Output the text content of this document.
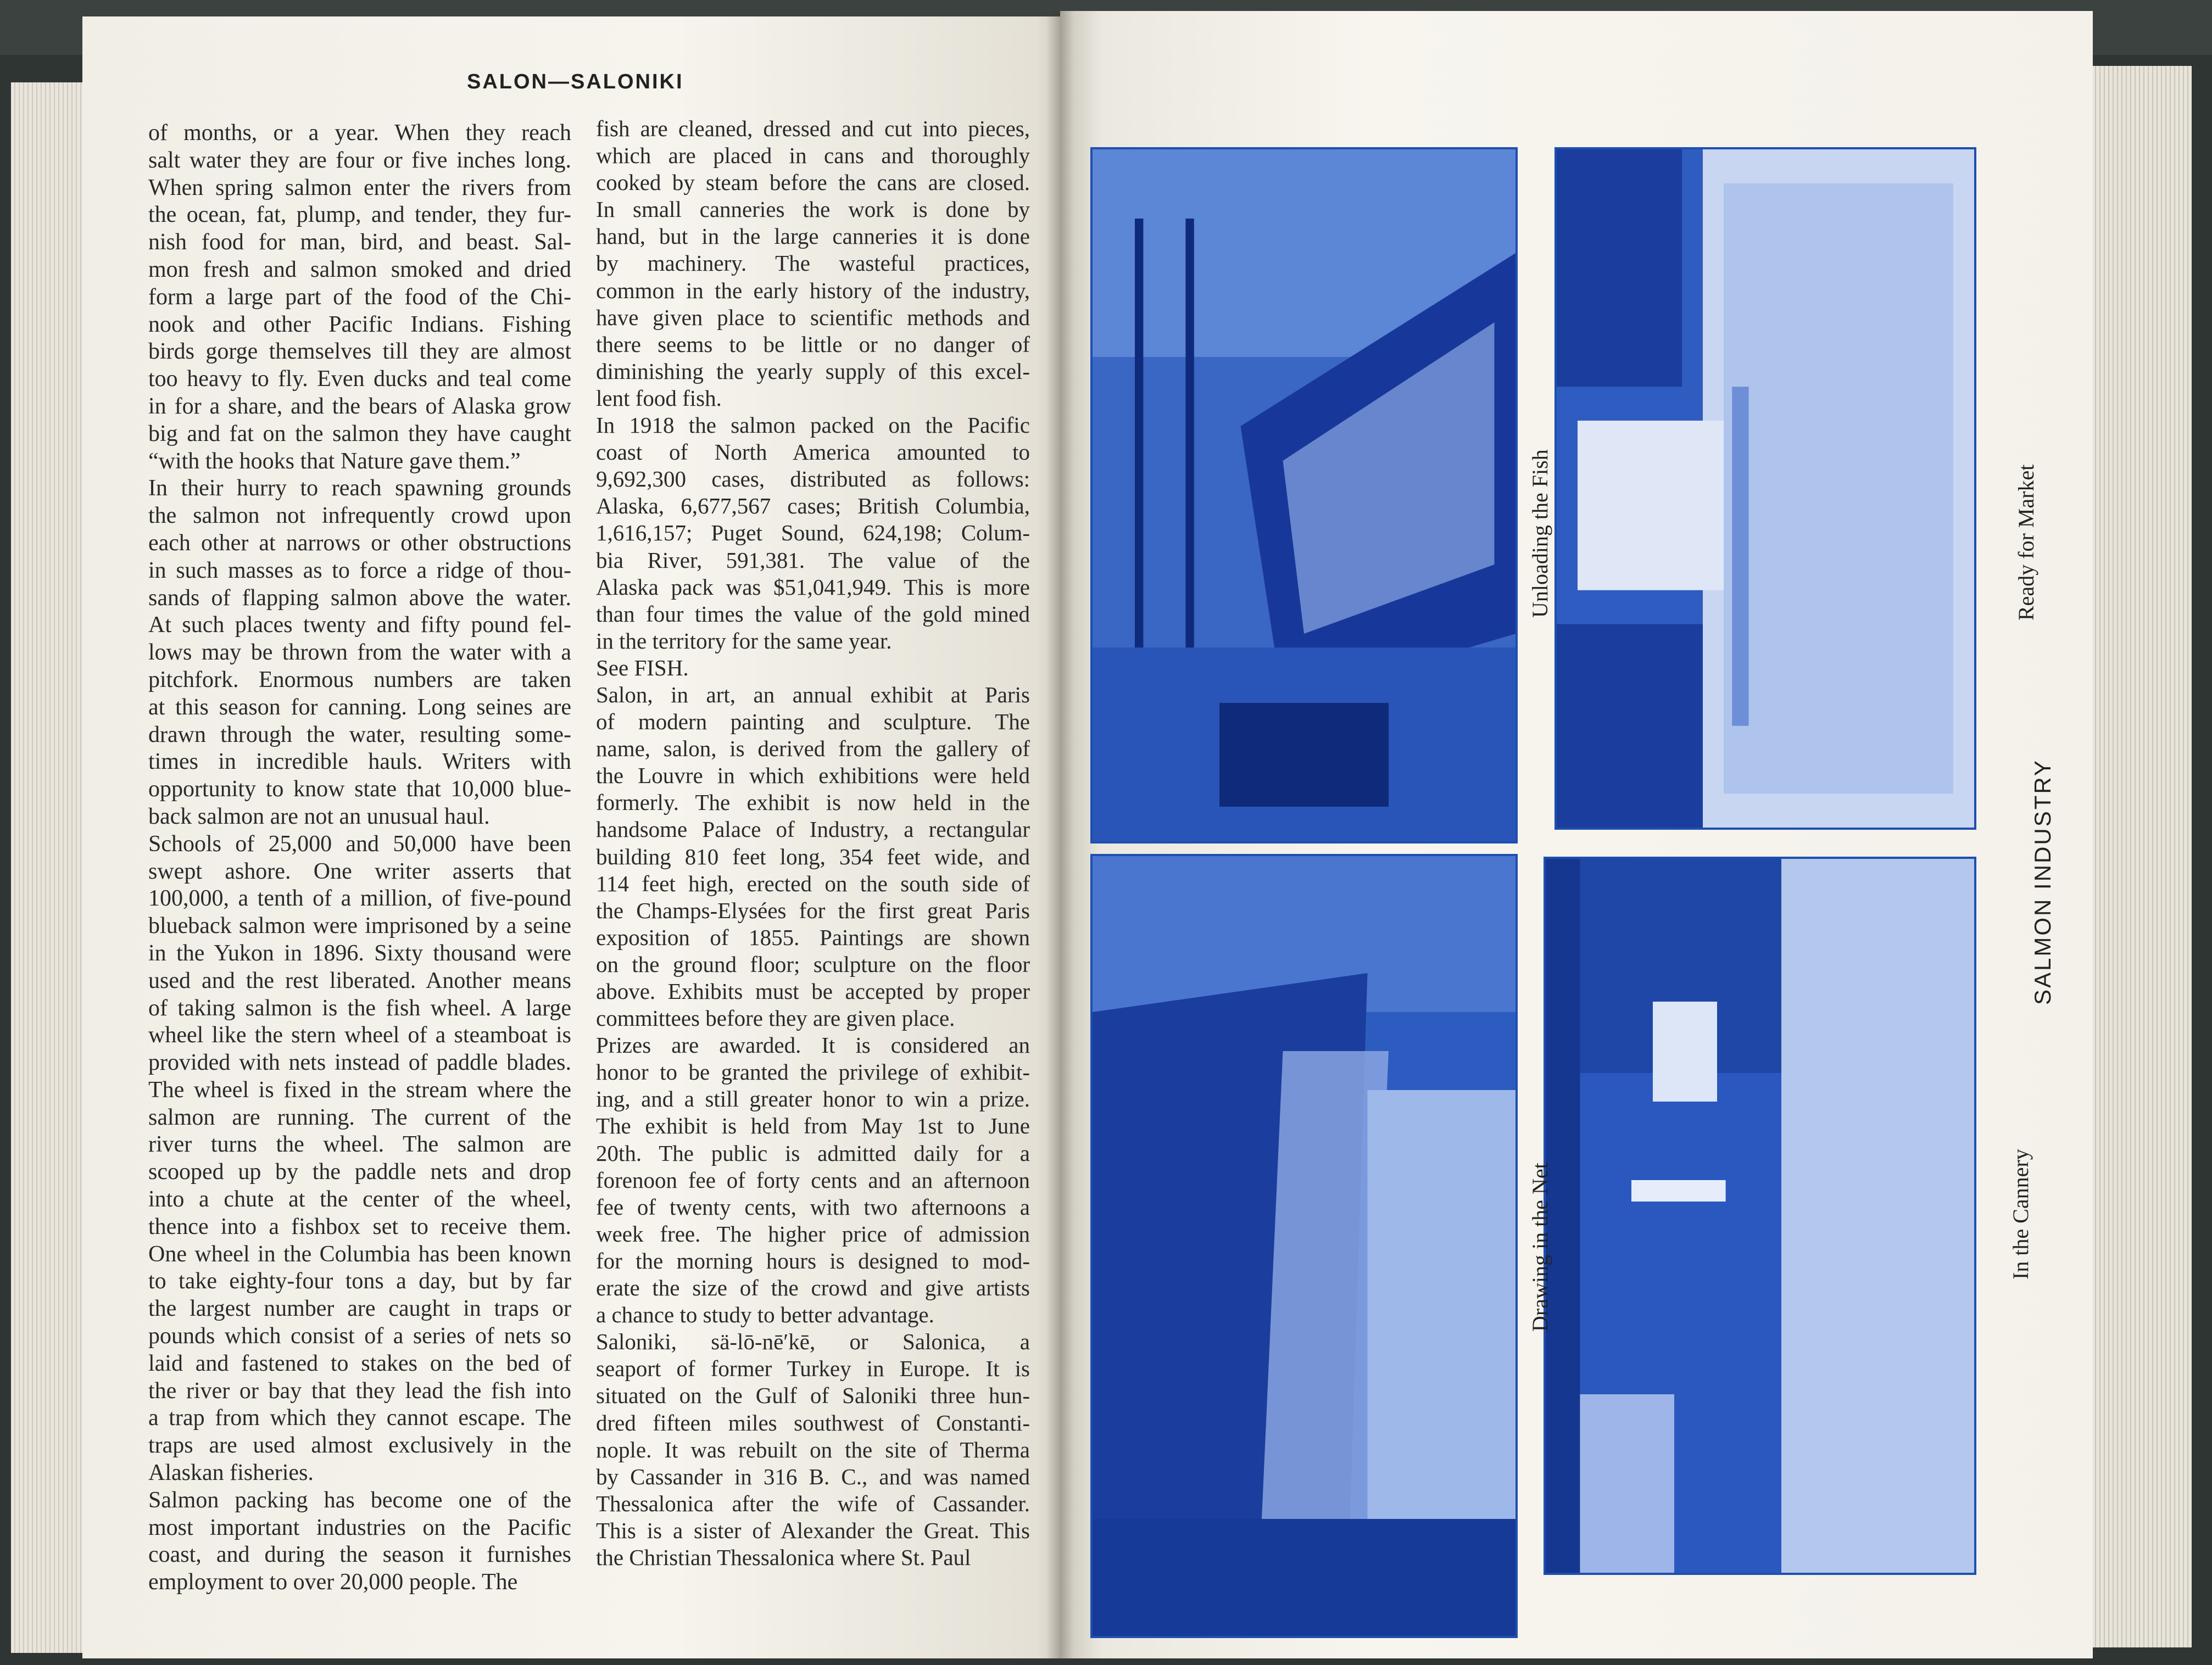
SALON—SALONIKI
of months, or a year. When they reach
salt water they are four or five inches long.
When spring salmon enter the rivers from
the ocean, fat, plump, and tender, they fur-
nish food for man, bird, and beast. Sal-
mon fresh and salmon smoked and dried
form a large part of the food of the Chi-
nook and other Pacific Indians. Fishing
birds gorge themselves till they are almost
too heavy to fly. Even ducks and teal come
in for a share, and the bears of Alaska grow
big and fat on the salmon they have caught
“with the hooks that Nature gave them.”
In their hurry to reach spawning grounds
the salmon not infrequently crowd upon
each other at narrows or other obstructions
in such masses as to force a ridge of thou-
sands of flapping salmon above the water.
At such places twenty and fifty pound fel-
lows may be thrown from the water with a
pitchfork. Enormous numbers are taken
at this season for canning. Long seines are
drawn through the water, resulting some-
times in incredible hauls. Writers with
opportunity to know state that 10,000 blue-
back salmon are not an unusual haul.
Schools of 25,000 and 50,000 have been
swept ashore. One writer asserts that
100,000, a tenth of a million, of five-pound
blueback salmon were imprisoned by a seine
in the Yukon in 1896. Sixty thousand were
used and the rest liberated. Another means
of taking salmon is the fish wheel. A large
wheel like the stern wheel of a steamboat is
provided with nets instead of paddle blades.
The wheel is fixed in the stream where the
salmon are running. The current of the
river turns the wheel. The salmon are
scooped up by the paddle nets and drop
into a chute at the center of the wheel,
thence into a fishbox set to receive them.
One wheel in the Columbia has been known
to take eighty-four tons a day, but by far
the largest number are caught in traps or
pounds which consist of a series of nets so
laid and fastened to stakes on the bed of
the river or bay that they lead the fish into
a trap from which they cannot escape. The
traps are used almost exclusively in the
Alaskan fisheries.
Salmon packing has become one of the
most important industries on the Pacific
coast, and during the season it furnishes
employment to over 20,000 people. The
fish are cleaned, dressed and cut into pieces,
which are placed in cans and thoroughly
cooked by steam before the cans are closed.
In small canneries the work is done by
hand, but in the large canneries it is done
by machinery. The wasteful practices,
common in the early history of the industry,
have given place to scientific methods and
there seems to be little or no danger of
diminishing the yearly supply of this excel-
lent food fish.
In 1918 the salmon packed on the Pacific
coast of North America amounted to
9,692,300 cases, distributed as follows:
Alaska, 6,677,567 cases; British Columbia,
1,616,157; Puget Sound, 624,198; Colum-
bia River, 591,381. The value of the
Alaska pack was $51,041,949. This is more
than four times the value of the gold mined
in the territory for the same year.
See FISH.
Salon, in art, an annual exhibit at Paris
of modern painting and sculpture. The
name, salon, is derived from the gallery of
the Louvre in which exhibitions were held
formerly. The exhibit is now held in the
handsome Palace of Industry, a rectangular
building 810 feet long, 354 feet wide, and
114 feet high, erected on the south side of
the Champs-Elysées for the first great Paris
exposition of 1855. Paintings are shown
on the ground floor; sculpture on the floor
above. Exhibits must be accepted by proper
committees before they are given place.
Prizes are awarded. It is considered an
honor to be granted the privilege of exhibit-
ing, and a still greater honor to win a prize.
The exhibit is held from May 1st to June
20th. The public is admitted daily for a
forenoon fee of forty cents and an afternoon
fee of twenty cents, with two afternoons a
week free. The higher price of admission
for the morning hours is designed to mod-
erate the size of the crowd and give artists
a chance to study to better advantage.
Saloniki, sä-lō-nē′kē, or Salonica, a
seaport of former Turkey in Europe. It is
situated on the Gulf of Saloniki three hun-
dred fifteen miles southwest of Constanti-
nople. It was rebuilt on the site of Therma
by Cassander in 316 B. C., and was named
Thessalonica after the wife of Cassander.
This is a sister of Alexander the Great. This
the Christian Thessalonica where St. Paul
Unloading the Fish	Ready for Market
Drawing in the Net	In the Cannery
SALMON INDUSTRY
